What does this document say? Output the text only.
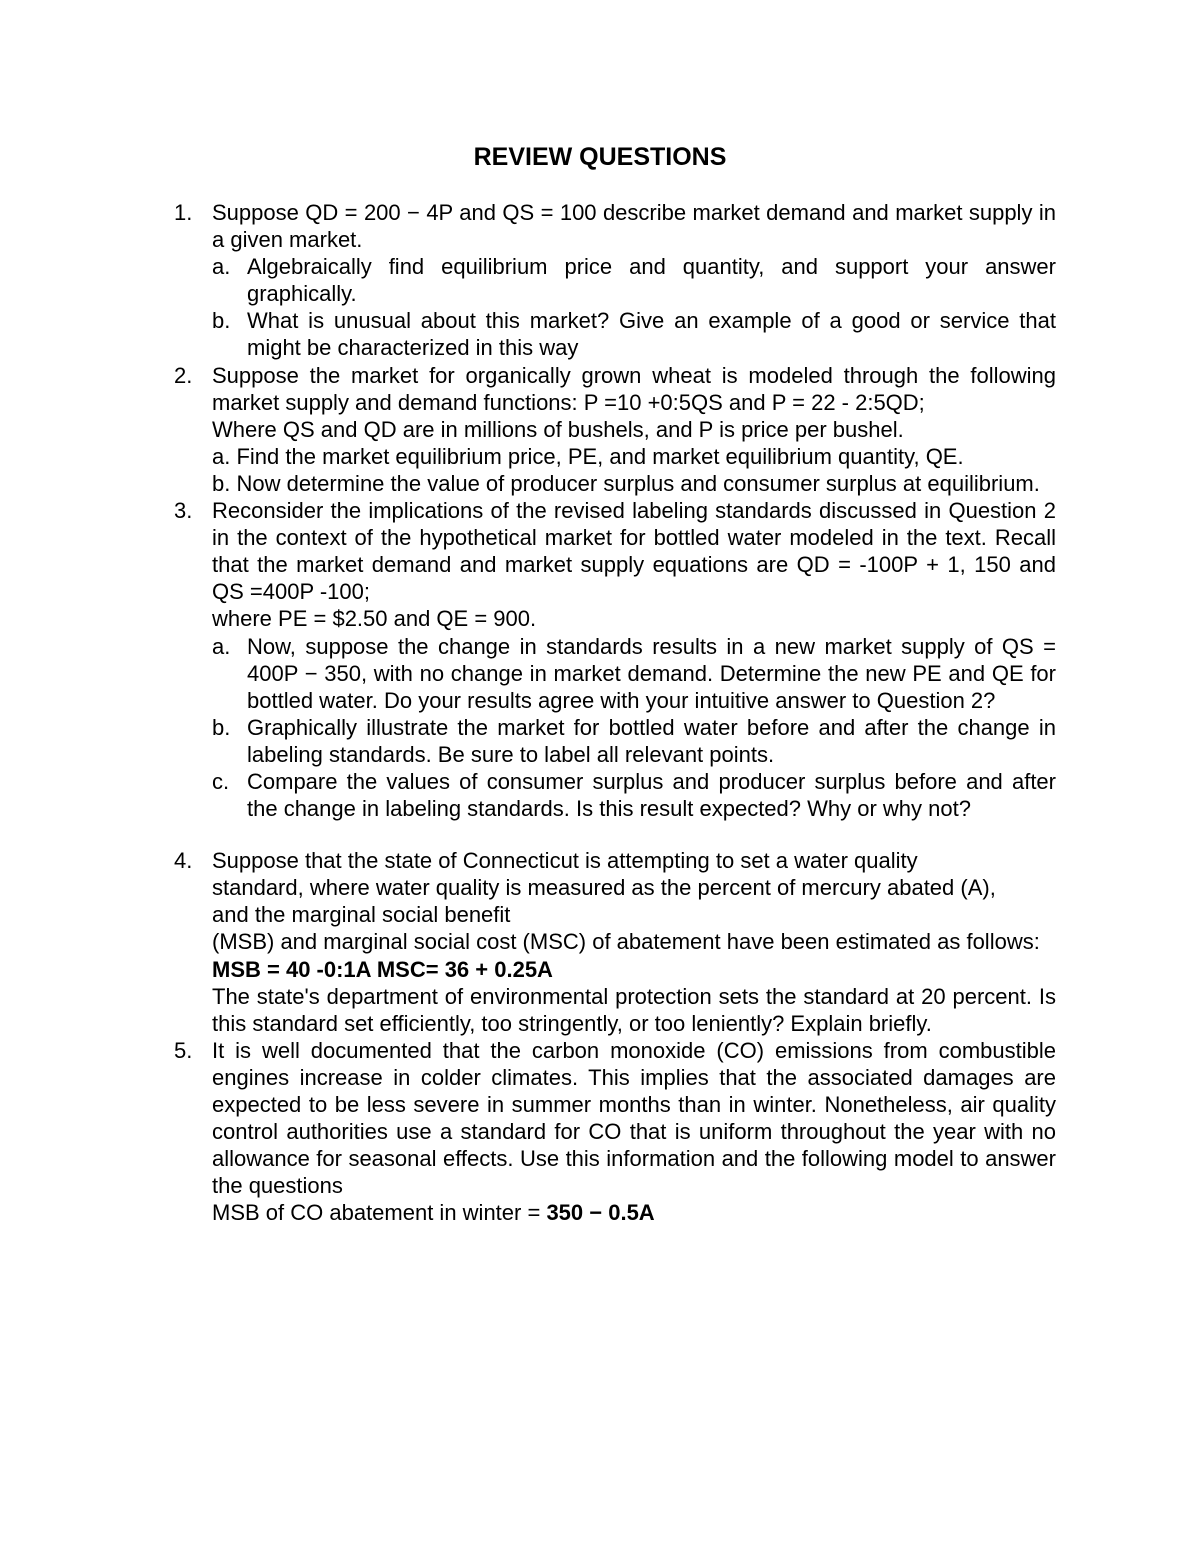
REVIEW QUESTIONS
1. Suppose QD = 200 − 4P and QS = 100 describe market demand and market supply in a given market.
a. Algebraically find equilibrium price and quantity, and support your answer graphically.
b. What is unusual about this market? Give an example of a good or service that might be characterized in this way
2. Suppose the market for organically grown wheat is modeled through the following market supply and demand functions: P =10 +0:5QS and P = 22 - 2:5QD;
Where QS and QD are in millions of bushels, and P is price per bushel.
a. Find the market equilibrium price, PE, and market equilibrium quantity, QE.
b. Now determine the value of producer surplus and consumer surplus at equilibrium.
3. Reconsider the implications of the revised labeling standards discussed in Question 2 in the context of the hypothetical market for bottled water modeled in the text. Recall that the market demand and market supply equations are QD = -100P + 1, 150 and QS =400P -100;
where PE = $2.50 and QE = 900.
a. Now, suppose the change in standards results in a new market supply of QS = 400P − 350, with no change in market demand. Determine the new PE and QE for bottled water. Do your results agree with your intuitive answer to Question 2?
b. Graphically illustrate the market for bottled water before and after the change in labeling standards. Be sure to label all relevant points.
c. Compare the values of consumer surplus and producer surplus before and after the change in labeling standards. Is this result expected? Why or why not?
4. Suppose that the state of Connecticut is attempting to set a water quality
standard, where water quality is measured as the percent of mercury abated (A),
and the marginal social benefit
(MSB) and marginal social cost (MSC) of abatement have been estimated as follows:
MSB = 40 -0:1A MSC= 36 + 0.25A
The state's department of environmental protection sets the standard at 20 percent. Is this standard set efficiently, too stringently, or too leniently? Explain briefly.
5. It is well documented that the carbon monoxide (CO) emissions from combustible engines increase in colder climates. This implies that the associated damages are expected to be less severe in summer months than in winter. Nonetheless, air quality control authorities use a standard for CO that is uniform throughout the year with no allowance for seasonal effects. Use this information and the following model to answer the questions
MSB of CO abatement in winter = 350 − 0.5A
